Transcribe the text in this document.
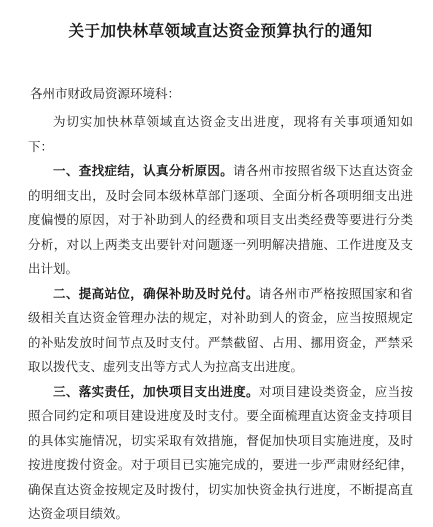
关于加快林草领域直达资金预算执行的通知

各州市财政局资源环境科：

为切实加快林草领域直达资金支出进度，现将有关事项通知如下：

一、查找症结，认真分析原因。请各州市按照省级下达直达资金的明细支出，及时会同本级林草部门逐项、全面分析各项明细支出进度偏慢的原因，对于补助到人的经费和项目支出类经费等要进行分类分析，对以上两类支出要针对问题逐一列明解决措施、工作进度及支出计划。

二、提高站位，确保补助及时兑付。请各州市严格按照国家和省级相关直达资金管理办法的规定，对补助到人的资金，应当按照规定的补贴发放时间节点及时支付。严禁截留、占用、挪用资金，严禁采取以拨代支、虚列支出等方式人为拉高支出进度。

三、落实责任，加快项目支出进度。对项目建设类资金，应当按照合同约定和项目建设进度及时支付。要全面梳理直达资金支持项目的具体实施情况，切实采取有效措施，督促加快项目实施进度，及时按进度拨付资金。对于项目已实施完成的，要进一步严肃财经纪律，确保直达资金按规定及时拨付，切实加快资金执行进度，不断提高直达资金项目绩效。
